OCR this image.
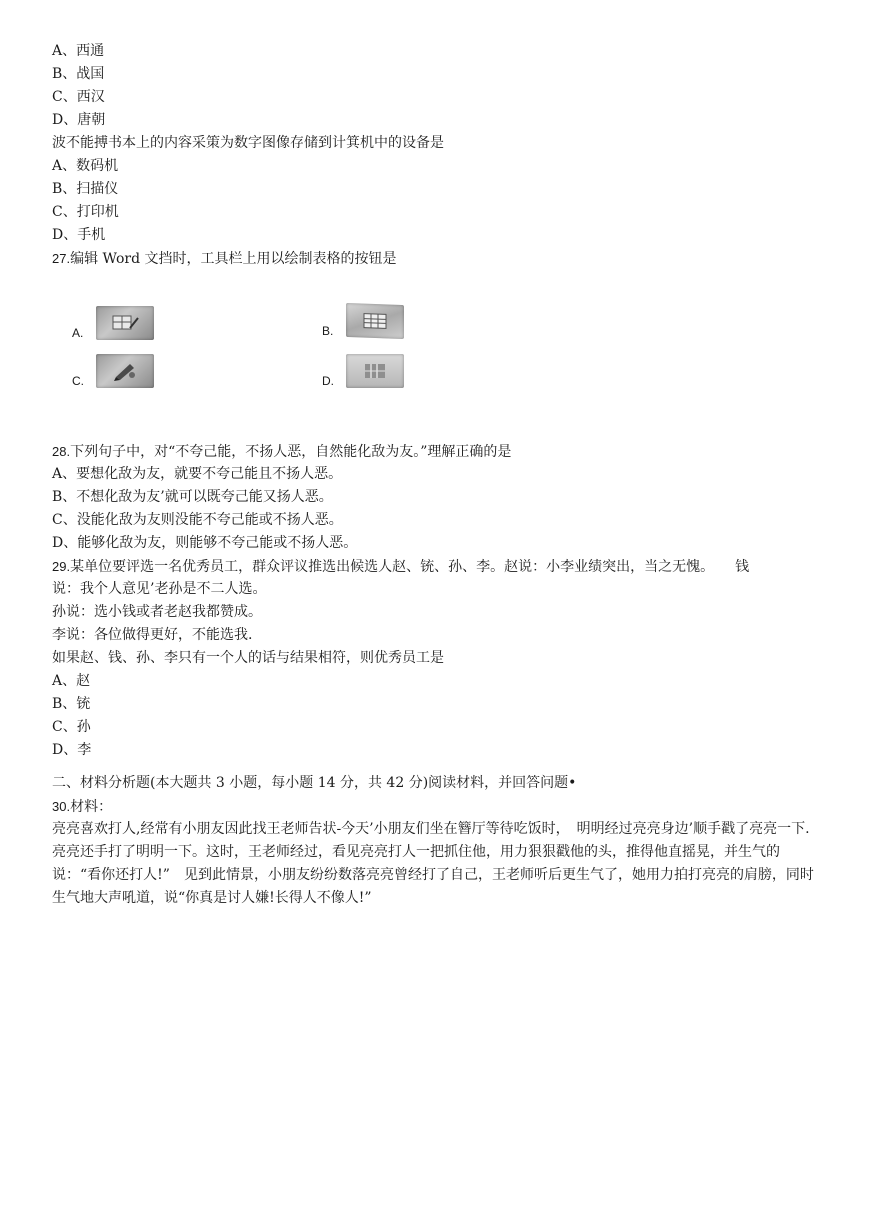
A、西通
B、战国
C、西汉
D、唐朝
波不能搏书本上的内容采策为数字图像存储到计箕机中的设备是
A、数码机
B、扫描仪
C、打印机
D、手机
27.编辑 Word 文挡时，工具栏上用以绘制表格的按钮是
A.	B.
C.	D.
28.下列句子中，对“不夸己能，不扬人恶，自然能化敌为友。”理解正确的是
A、要想化敌为友，就要不夸己能且不扬人恶。
B、不想化敌为友’就可以既夸己能又扬人恶。
C、没能化敌为友则没能不夸己能或不扬人恶。
D、能够化敌为友，则能够不夸己能或不扬人恶。
29.某单位要评选一名优秀员工，群众评议推选出候选人赵、铳、孙、李。赵说：小李业绩突出，当之无愧。　　钱
说：我个人意见’老孙是不二人选。
孙说：选小钱或者老赵我都赞成。
李说：各位做得更好，不能选我.
如果赵、钱、孙、李只有一个人的话与结果相符，则优秀员工是
A、赵
B、铳
C、孙
D、李
二、材料分析题(本大题共 3 小题，每小题 14 分，共 42 分)阅读材料，并回答问题•
30.材料：
亮亮喜欢打人,经常有小朋友因此找王老师告状-今天’小朋友们坐在簪厅等待吃饭时，　明明经过亮亮身边’顺手戳了亮亮一下.亮亮还手打了明明一下。这时，王老师经过，看见亮亮打人一把抓住他，用力狠狠戳他的头，推得他直摇晃，并生气的说：“看你还打人!”　见到此情景，小朋友纷纷数落亮亮曾经打了自己，王老师听后更生气了，她用力拍打亮亮的肩膀，同时生气地大声吼道，说“你真是讨人嫌!长得人不像人!”
